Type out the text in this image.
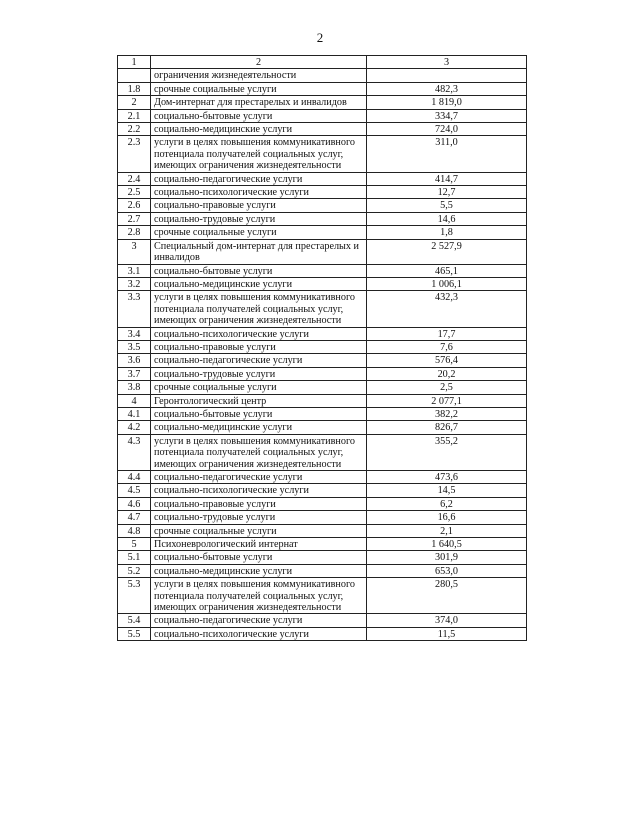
2
1	2	3
	ограничения жизнедеятельности	
1.8	срочные социальные услуги	482,3
2	Дом-интернат для престарелых и инвалидов	1 819,0
2.1	социально-бытовые услуги	334,7
2.2	социально-медицинские услуги	724,0
2.3	услуги в целях повышения коммуникативного потенциала получателей социальных услуг, имеющих ограничения жизнедеятельности	311,0
2.4	социально-педагогические услуги	414,7
2.5	социально-психологические услуги	12,7
2.6	социально-правовые услуги	5,5
2.7	социально-трудовые услуги	14,6
2.8	срочные социальные услуги	1,8
3	Специальный дом-интернат для престарелых и инвалидов	2 527,9
3.1	социально-бытовые услуги	465,1
3.2	социально-медицинские услуги	1 006,1
3.3	услуги в целях повышения коммуникативного потенциала получателей социальных услуг, имеющих ограничения жизнедеятельности	432,3
3.4	социально-психологические услуги	17,7
3.5	социально-правовые услуги	7,6
3.6	социально-педагогические услуги	576,4
3.7	социально-трудовые услуги	20,2
3.8	срочные социальные услуги	2,5
4	Геронтологический центр	2 077,1
4.1	социально-бытовые услуги	382,2
4.2	социально-медицинские услуги	826,7
4.3	услуги в целях повышения коммуникативного потенциала получателей социальных услуг, имеющих ограничения жизнедеятельности	355,2
4.4	социально-педагогические услуги	473,6
4.5	социально-психологические услуги	14,5
4.6	социально-правовые услуги	6,2
4.7	социально-трудовые услуги	16,6
4.8	срочные социальные услуги	2,1
5	Психоневрологический интернат	1 640,5
5.1	социально-бытовые услуги	301,9
5.2	социально-медицинские услуги	653,0
5.3	услуги в целях повышения коммуникативного потенциала получателей социальных услуг, имеющих ограничения жизнедеятельности	280,5
5.4	социально-педагогические услуги	374,0
5.5	социально-психологические услуги	11,5
